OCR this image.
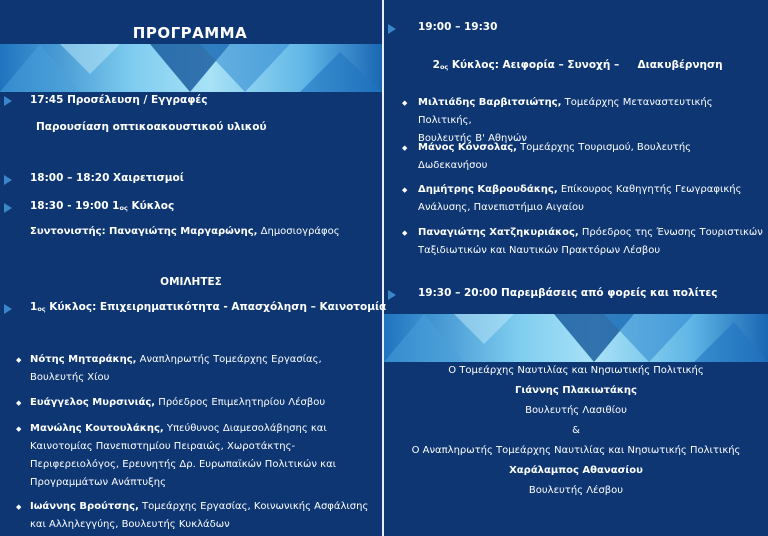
ΠΡΟΓΡΑΜΜΑ
17:45 Προσέλευση / Εγγραφές
Παρουσίαση οπτικοακουστικού υλικού
18:00 – 18:20 Χαιρετισμοί
18:30 - 19:00 1ος Κύκλος
Συντονιστής: Παναγιώτης Μαργαρώνης, Δημοσιογράφος
ΟΜΙΛΗΤΕΣ
1ος Κύκλος: Επιχειρηματικότητα - Απασχόληση – Καινοτομία
◆ Νότης Μηταράκης, Αναπληρωτής Τομεάρχης Εργασίας,
Βουλευτής Χίου
◆ Ευάγγελος Μυρσινιάς, Πρόεδρος Επιμελητηρίου Λέσβου
◆ Μανώλης Κουτουλάκης, Υπεύθυνος Διαμεσολάβησης και
Καινοτομίας Πανεπιστημίου Πειραιώς, Χωροτάκτης-
Περιφερειολόγος, Ερευνητής Δρ. Ευρωπαϊκών Πολιτικών και
Προγραμμάτων Ανάπτυξης
◆ Ιωάννης Βρούτσης, Τομεάρχης Εργασίας, Κοινωνικής Ασφάλισης
και Αλληλεγγύης, Βουλευτής Κυκλάδων
19:00 – 19:30

2ος Κύκλος: Αειφορία – Συνοχή –     Διακυβέρνηση

◆ Μιλτιάδης Βαρβιτσιώτης, Τομεάρχης Μεταναστευτικής Πολιτικής,
Βουλευτής Β' Αθηνών
◆ Μάνος Κόνσολας, Τομεάρχης Τουρισμού, Βουλευτής
Δωδεκανήσου
◆ Δημήτρης Καβρουδάκης, Επίκουρος Καθηγητής Γεωγραφικής
Ανάλυσης, Πανεπιστήμιο Αιγαίου
◆ Παναγιώτης Χατζηκυριάκος, Πρόεδρος της Ένωσης Τουριστικών
Ταξιδιωτικών και Ναυτικών Πρακτόρων Λέσβου
19:30 – 20:00 Παρεμβάσεις από φορείς και πολίτες
Ο Τομεάρχης Ναυτιλίας και Νησιωτικής Πολιτικής
Γιάννης Πλακιωτάκης
Βουλευτής Λασιθίου
&
Ο Αναπληρωτής Τομεάρχης Ναυτιλίας και Νησιωτικής Πολιτικής
Χαράλαμπος Αθανασίου
Βουλευτής Λέσβου
